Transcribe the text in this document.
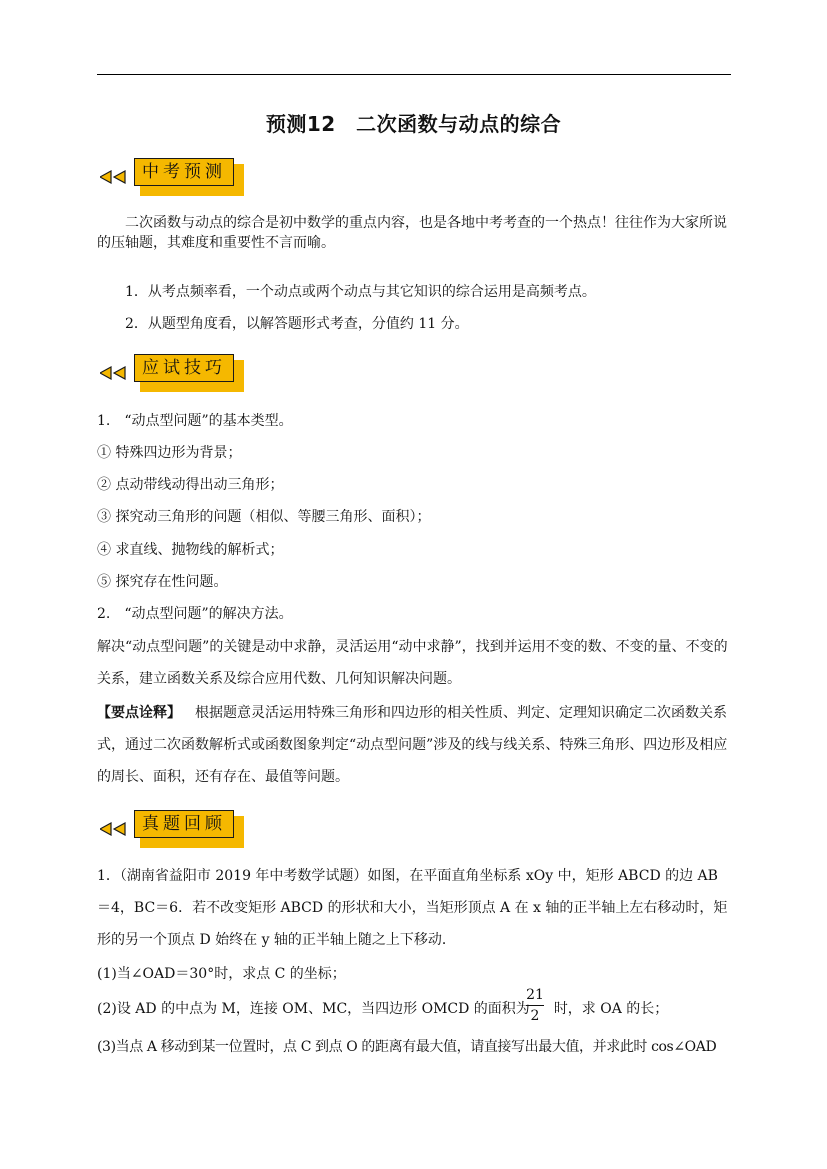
预测12　二次函数与动点的综合
中考预测

二次函数与动点的综合是初中数学的重点内容，也是各地中考考查的一个热点！往往作为大家所说的压轴题，其难度和重要性不言而喻。

1．从考点频率看，一个动点或两个动点与其它知识的综合运用是高频考点。

2．从题型角度看，以解答题形式考查，分值约 11 分。

应试技巧

1.　“动点型问题”的基本类型。

① 特殊四边形为背景；

② 点动带线动得出动三角形；

③ 探究动三角形的问题（相似、等腰三角形、面积）；

④ 求直线、抛物线的解析式；

⑤ 探究存在性问题。

2.　“动点型问题”的解决方法。

解决“动点型问题”的关键是动中求静，灵活运用“动中求静”，找到并运用不变的数、不变的量、不变的关系，建立函数关系及综合应用代数、几何知识解决问题。

【要点诠释】 根据题意灵活运用特殊三角形和四边形的相关性质、判定、定理知识确定二次函数关系式，通过二次函数解析式或函数图象判定“动点型问题”涉及的线与线关系、特殊三角形、四边形及相应的周长、面积，还有存在、最值等问题。

真题回顾

1．（湖南省益阳市 2019 年中考数学试题）如图，在平面直角坐标系 xOy 中，矩形 ABCD 的边 AB＝4，BC＝6．若不改变矩形 ABCD 的形状和大小，当矩形顶点 A 在 x 轴的正半轴上左右移动时，矩形的另一个顶点 D 始终在 y 轴的正半轴上随之上下移动．

(1)当∠OAD＝30°时，求点 C 的坐标；

(2)设 AD 的中点为 M，连接 OM、MC，当四边形 OMCD 的面积为 时，求 OA 的长；

21
2

(3)当点 A 移动到某一位置时，点 C 到点 O 的距离有最大值，请直接写出最大值，并求此时 cos∠OAD
